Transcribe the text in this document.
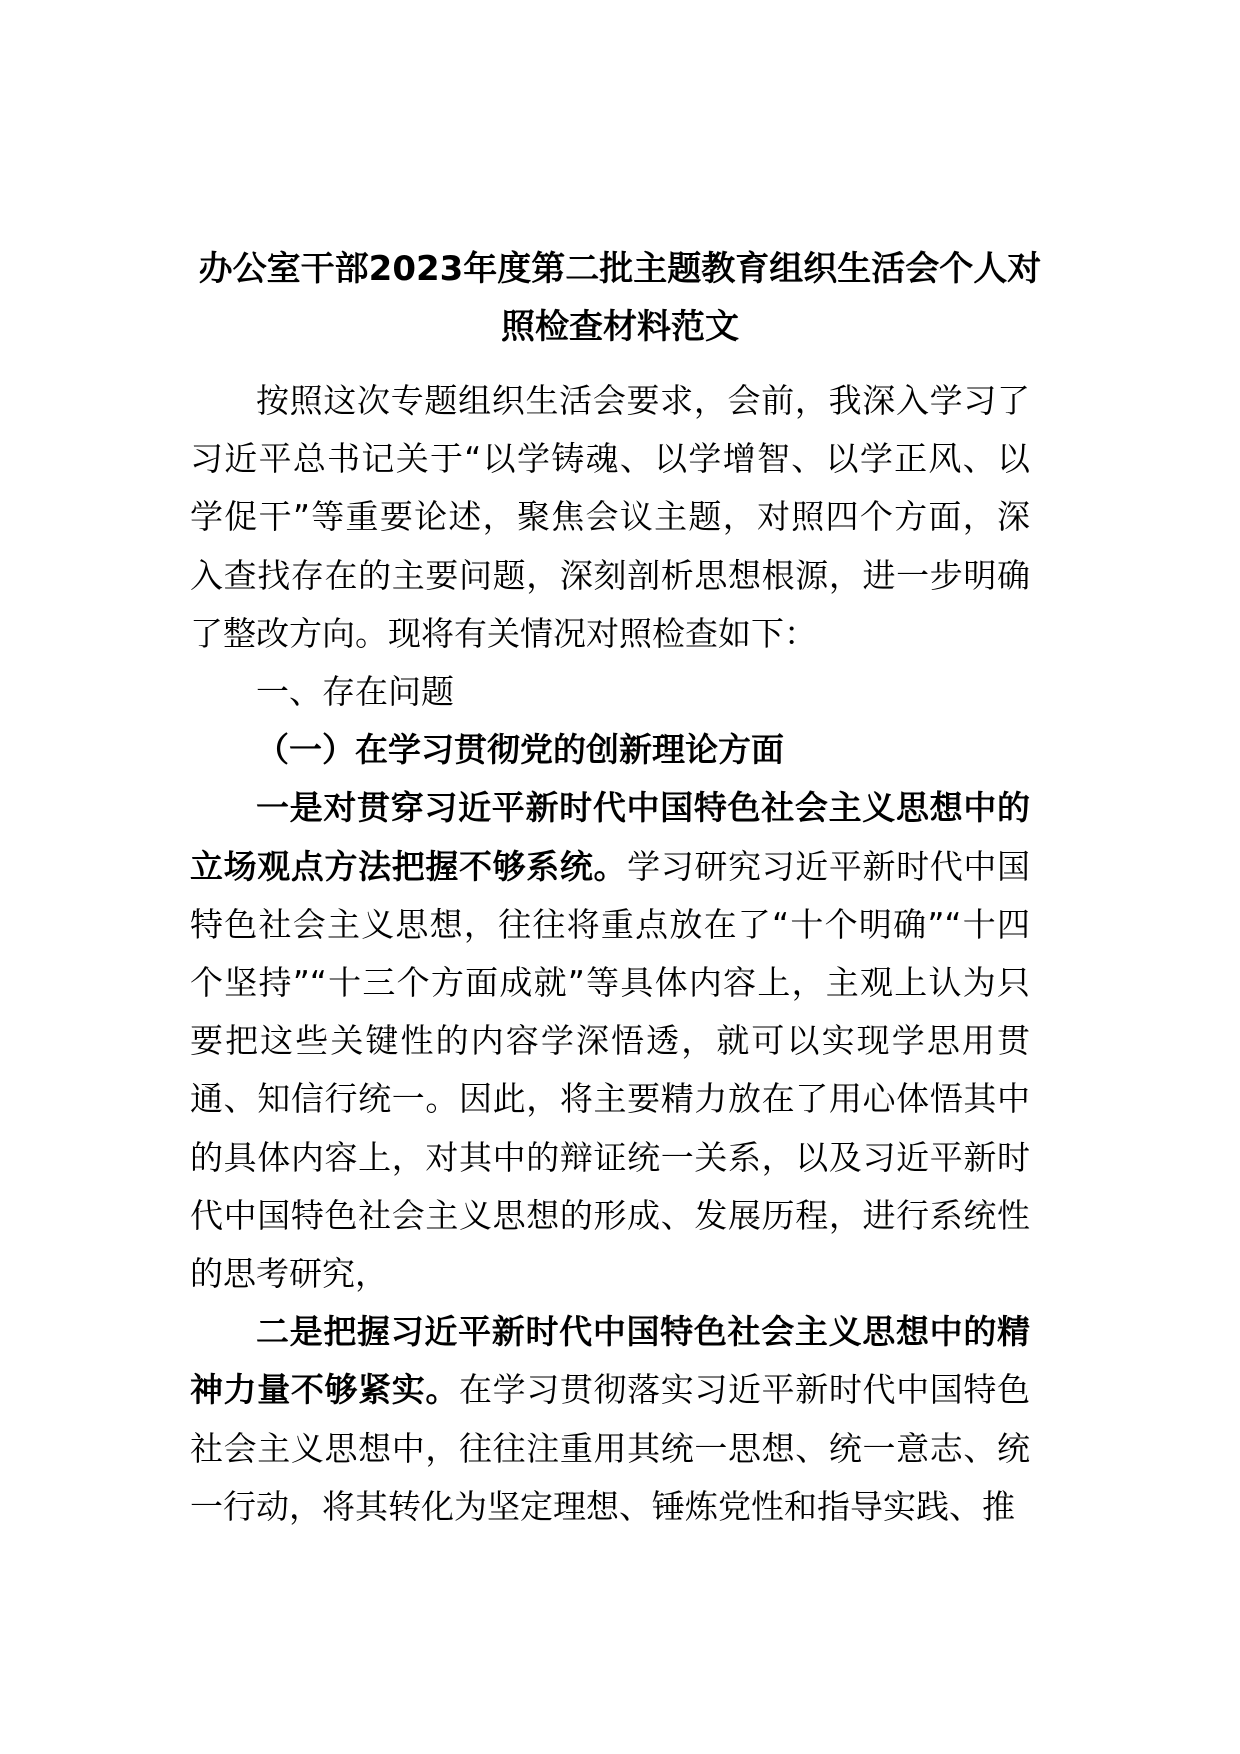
办公室干部2023年度第二批主题教育组织生活会个人对照检查材料范文

按照这次专题组织生活会要求，会前，我深入学习了习近平总书记关于“以学铸魂、以学增智、以学正风、以学促干”等重要论述，聚焦会议主题，对照四个方面，深入查找存在的主要问题，深刻剖析思想根源，进一步明确了整改方向。现将有关情况对照检查如下：

一、存在问题

（一）在学习贯彻党的创新理论方面

一是对贯穿习近平新时代中国特色社会主义思想中的立场观点方法把握不够系统。学习研究习近平新时代中国特色社会主义思想，往往将重点放在了“十个明确”“十四个坚持”“十三个方面成就”等具体内容上，主观上认为只要把这些关键性的内容学深悟透，就可以实现学思用贯通、知信行统一。因此，将主要精力放在了用心体悟其中的具体内容上，对其中的辩证统一关系，以及习近平新时代中国特色社会主义思想的形成、发展历程，进行系统性的思考研究，

二是把握习近平新时代中国特色社会主义思想中的精神力量不够紧实。在学习贯彻落实习近平新时代中国特色社会主义思想中，往往注重用其统一思想、统一意志、统一行动，将其转化为坚定理想、锤炼党性和指导实践、推
